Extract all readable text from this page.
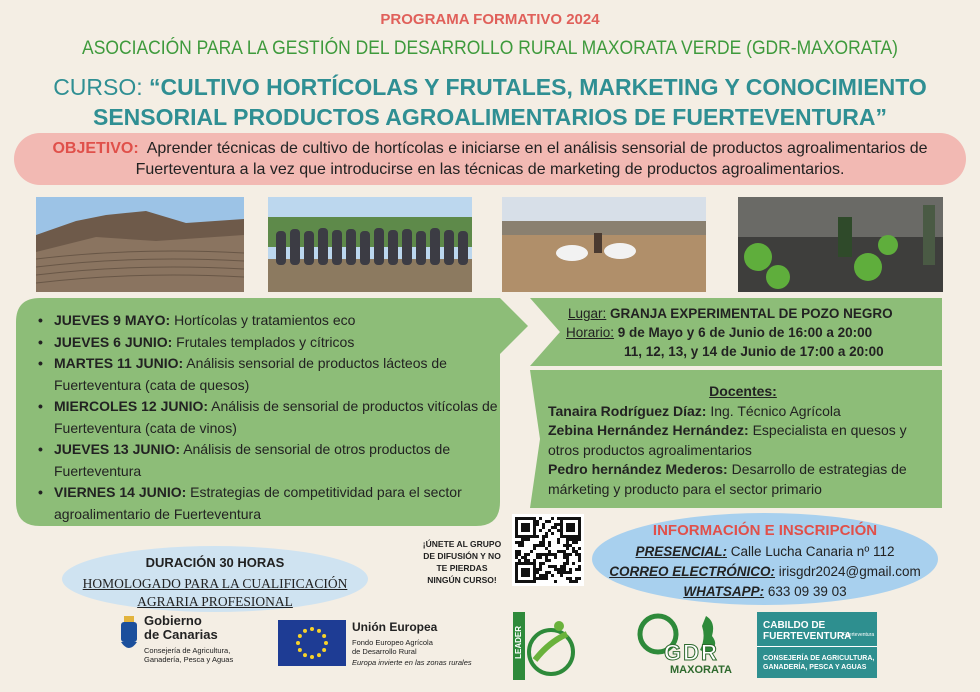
PROGRAMA FORMATIVO 2024
ASOCIACIÓN PARA LA GESTIÓN DEL DESARROLLO RURAL MAXORATA VERDE (GDR-MAXORATA)
CURSO: “CULTIVO HORTÍCOLAS Y FRUTALES, MARKETING Y CONOCIMIENTO
SENSORIAL PRODUCTOS AGROALIMENTARIOS DE FUERTEVENTURA”
OBJETIVO: Aprender técnicas de cultivo de hortícolas e iniciarse en el análisis sensorial de productos agroalimentarios de
Fuerteventura a la vez que introducirse en las técnicas de marketing de productos agroalimentarios.
• JUEVES 9 MAYO: Hortícolas y tratamientos eco
• JUEVES 6 JUNIO: Frutales templados y cítricos
• MARTES 11 JUNIO: Análisis sensorial de productos lácteos de Fuerteventura (cata de quesos)
• MIERCOLES 12 JUNIO: Análisis de sensorial de productos vitícolas de Fuerteventura (cata de vinos)
• JUEVES 13 JUNIO: Análisis de sensorial de otros productos de Fuerteventura
• VIERNES 14 JUNIO: Estrategias de competitividad para el sector agroalimentario de Fuerteventura
Lugar: GRANJA EXPERIMENTAL DE POZO NEGRO
Horario: 9 de Mayo y 6 de Junio de 16:00 a 20:00
11, 12, 13, y 14 de Junio de 17:00 a 20:00
Docentes:
Tanaira Rodríguez Díaz: Ing. Técnico Agrícola
Zebina Hernández Hernández: Especialista en quesos y otros productos agroalimentarios
Pedro hernández Mederos: Desarrollo de estrategias de márketing y producto para el sector primario
DURACIÓN 30 HORAS
HOMOLOGADO PARA LA CUALIFICACIÓN
AGRARIA PROFESIONAL
¡ÚNETE AL GRUPO
DE DIFUSIÓN Y NO
TE PIERDAS
NINGÚN CURSO!
INFORMACIÓN E INSCRIPCIÓN
PRESENCIAL: Calle Lucha Canaria nº 112
CORREO ELECTRÓNICO: irisgdr2024@gmail.com
WHATSAPP: 633 09 39 03
Gobierno
de Canarias
Consejería de Agricultura,
Ganadería, Pesca y Aguas
Unión Europea
Fondo Europeo Agrícola
de Desarrollo Rural
Europa invierte en las zonas rurales
LEADER	GDR
MAXORATA
CABILDO DE
FUERTEVENTURA
Fuerteventura
CONSEJERÍA DE AGRICULTURA,
GANADERÍA, PESCA Y AGUAS
